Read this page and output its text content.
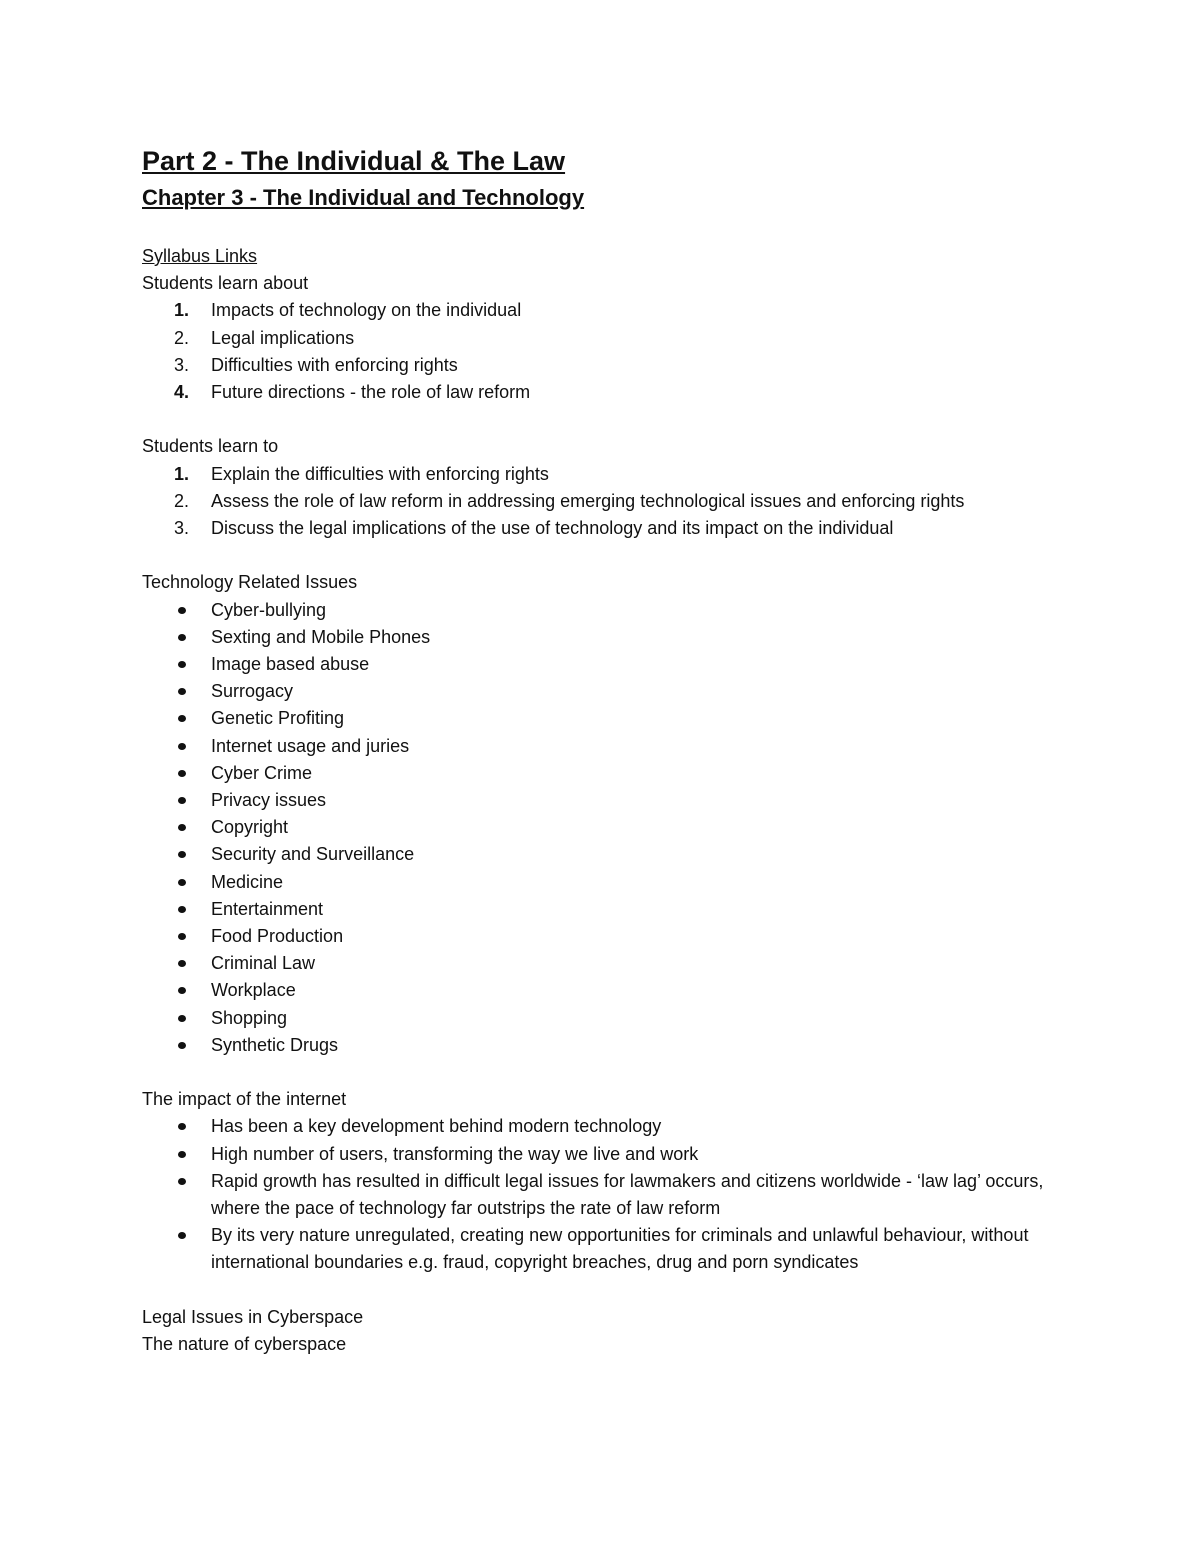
Part 2 - The Individual & The Law
Chapter 3 - The Individual and Technology

Syllabus Links

Students learn about

1. Impacts of technology on the individual
2. Legal implications
3. Difficulties with enforcing rights
4. Future directions - the role of law reform

Students learn to

1. Explain the difficulties with enforcing rights
2. Assess the role of law reform in addressing emerging technological issues and enforcing rights
3. Discuss the legal implications of the use of technology and its impact on the individual

Technology Related Issues

Cyber-bullying
Sexting and Mobile Phones
Image based abuse
Surrogacy
Genetic Profiting
Internet usage and juries
Cyber Crime
Privacy issues
Copyright
Security and Surveillance
Medicine
Entertainment
Food Production
Criminal Law
Workplace
Shopping
Synthetic Drugs

The impact of the internet

Has been a key development behind modern technology
High number of users, transforming the way we live and work
Rapid growth has resulted in difficult legal issues for lawmakers and citizens worldwide - ‘law lag’ occurs, where the pace of technology far outstrips the rate of law reform
By its very nature unregulated, creating new opportunities for criminals and unlawful behaviour, without international boundaries e.g. fraud, copyright breaches, drug and porn syndicates

Legal Issues in Cyberspace

The nature of cyberspace
